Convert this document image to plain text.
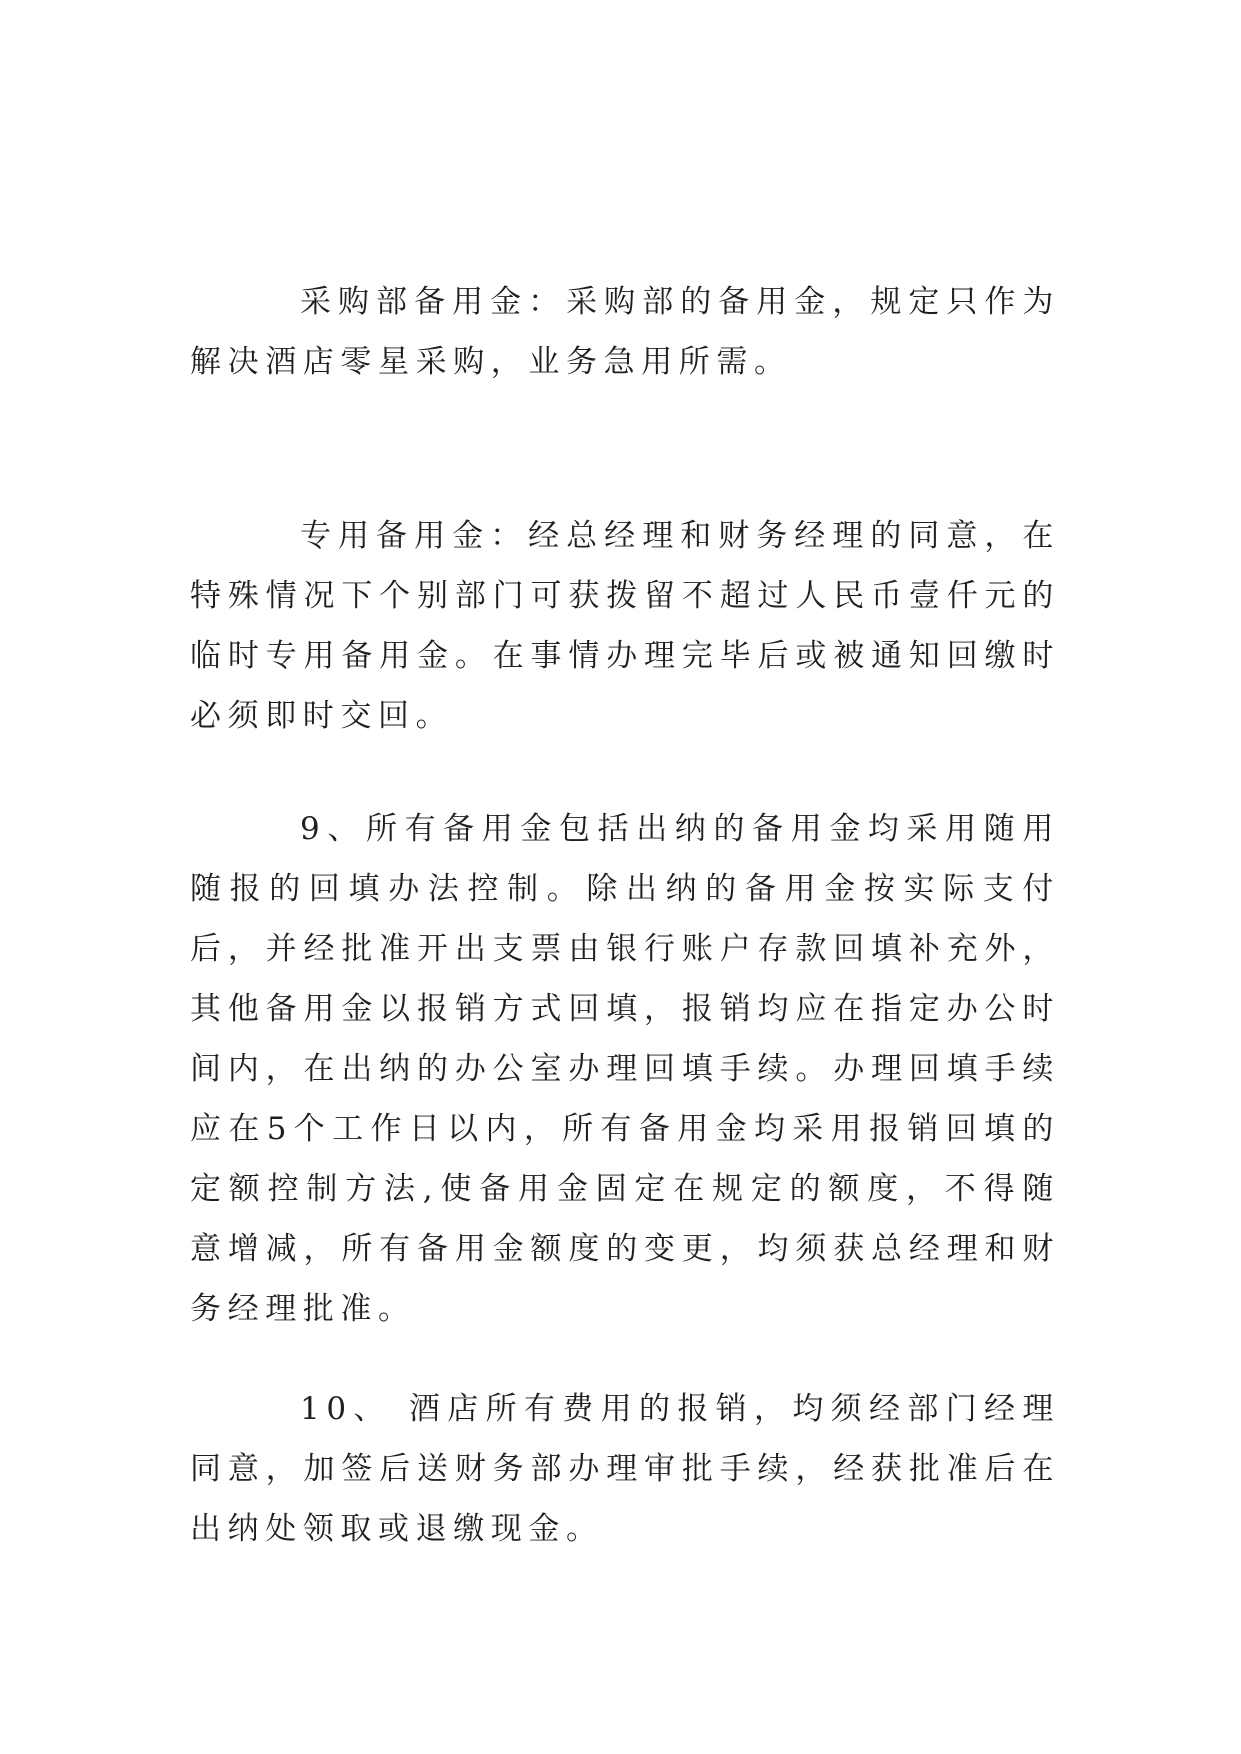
采购部备用金：采购部的备用金，规定只作为解决酒店零星采购，业务急用所需。

专用备用金：经总经理和财务经理的同意，在特殊情况下个别部门可获拨留不超过人民币壹仟元的临时专用备用金。在事情办理完毕后或被通知回缴时必须即时交回。

9、所有备用金包括出纳的备用金均采用随用随报的回填办法控制。除出纳的备用金按实际支付后，并经批准开出支票由银行账户存款回填补充外，其他备用金以报销方式回填，报销均应在指定办公时间内，在出纳的办公室办理回填手续。办理回填手续应在5个工作日以内，所有备用金均采用报销回填的定额控制方法,使备用金固定在规定的额度，不得随意增减，所有备用金额度的变更，均须获总经理和财务经理批准。

10、 酒店所有费用的报销，均须经部门经理同意，加签后送财务部办理审批手续，经获批准后在出纳处领取或退缴现金。
